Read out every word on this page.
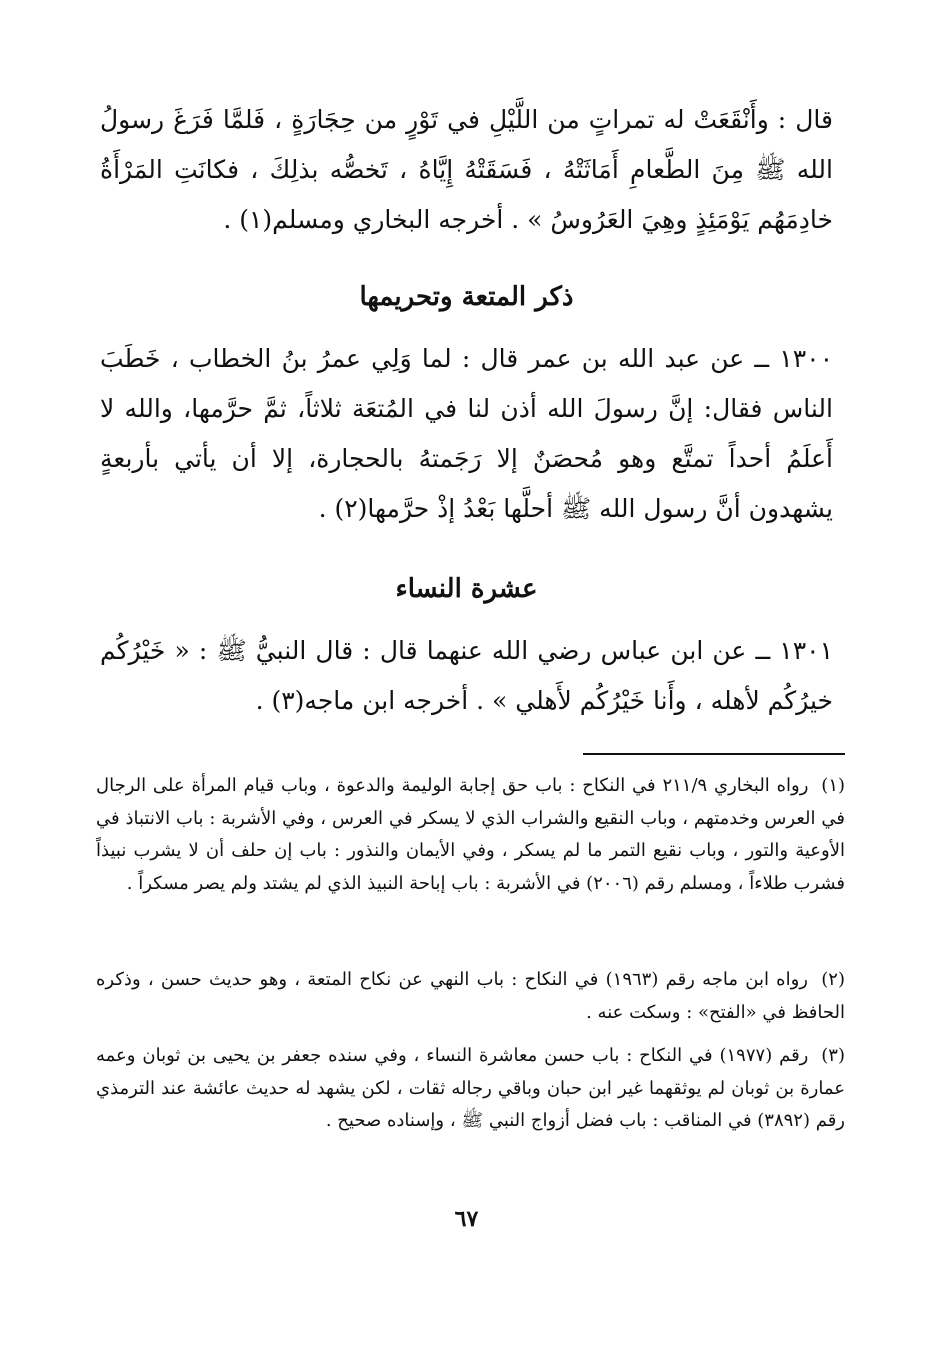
قال : وأَنْقَعَتْ له تمراتٍ من اللَّيْلِ في تَوْرٍ من حِجَارَةٍ ، فَلمَّا فَرَغَ رسولُ الله ﷺ مِنَ الطَّعامِ أَمَاثَتْهُ ، فَسَقَتْهُ إِيَّاهُ ، تَخصُّه بذلِكَ ، فكانَتِ المَرْأَةُ خادِمَهُم يَوْمَئِذٍ وهِيَ العَرُوسُ » . أخرجه البخاري ومسلم(١) .
ذكر المتعة وتحريمها
١٣٠٠ ــ عن عبد الله بن عمر قال : لما وَلِي عمرُ بنُ الخطاب ، خَطَبَ الناس فقال: إنَّ رسولَ الله أذن لنا في المُتعَة ثلاثاً، ثمَّ حرَّمها، والله لا أَعلَمُ أحداً تمتَّع وهو مُحصَنٌ إلا رَجَمتهُ بالحجارة، إلا أن يأتي بأربعةٍ يشهدون أنَّ رسول الله ﷺ أحلَّها بَعْدُ إذْ حرَّمها(٢) .
عشرة النساء
١٣٠١ ــ عن ابن عباس رضي الله عنهما قال : قال النبيُّ ﷺ : « خَيْرُكُم خيرُكُم لأهله ، وأَنا خَيْرُكُم لأَهلي » . أخرجه ابن ماجه(٣) .
(١) رواه البخاري ٢١١/٩ في النكاح : باب حق إجابة الوليمة والدعوة ، وباب قيام المرأة على الرجال في العرس وخدمتهم ، وباب النقيع والشراب الذي لا يسكر في العرس ، وفي الأشربة : باب الانتباذ في الأوعية والتور ، وباب نقيع التمر ما لم يسكر ، وفي الأيمان والنذور : باب إن حلف أن لا يشرب نبيذاً فشرب طلاءاً ، ومسلم رقم (٢٠٠٦) في الأشربة : باب إباحة النبيذ الذي لم يشتد ولم يصر مسكراً .
(٢) رواه ابن ماجه رقم (١٩٦٣) في النكاح : باب النهي عن نكاح المتعة ، وهو حديث حسن ، وذكره الحافظ في «الفتح» : وسكت عنه .
(٣) رقم (١٩٧٧) في النكاح : باب حسن معاشرة النساء ، وفي سنده جعفر بن يحيى بن ثوبان وعمه عمارة بن ثوبان لم يوثقهما غير ابن حبان وباقي رجاله ثقات ، لكن يشهد له حديث عائشة عند الترمذي رقم (٣٨٩٢) في المناقب : باب فضل أزواج النبي ﷺ ، وإسناده صحيح .
٦٧
